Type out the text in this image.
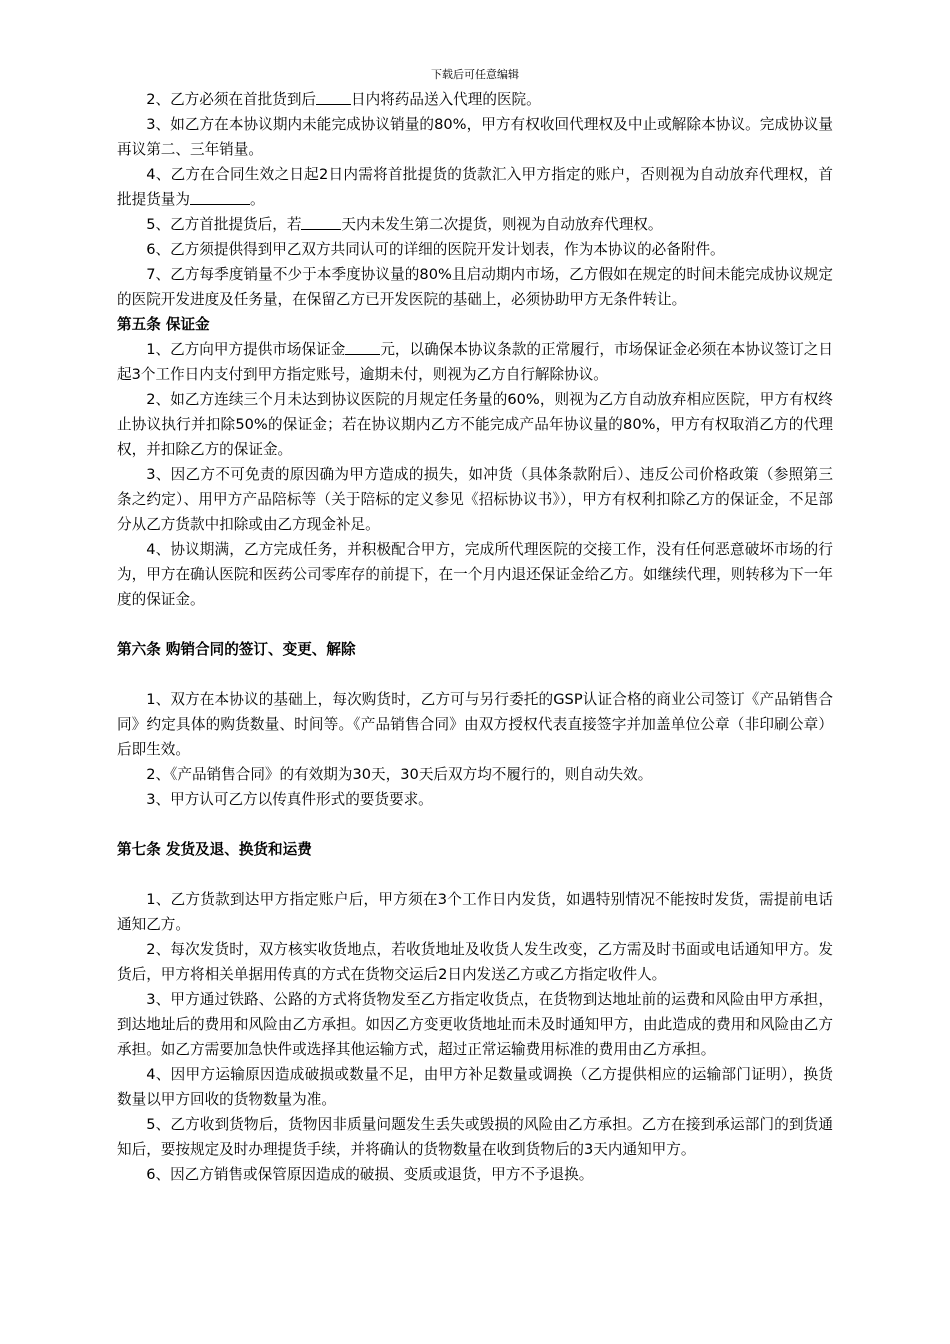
下载后可任意编辑

2、乙方必须在首批货到后 日内将药品送入代理的医院。

3、如乙方在本协议期内未能完成协议销量的80%，甲方有权收回代理权及中止或解除本协议。完成协议量再议第二、三年销量。

4、乙方在合同生效之日起2日内需将首批提货的货款汇入甲方指定的账户，否则视为自动放弃代理权，首批提货量为	。

5、乙方首批提货后，若	天内未发生第二次提货，则视为自动放弃代理权。

6、乙方须提供得到甲乙双方共同认可的详细的医院开发计划表，作为本协议的必备附件。

7、乙方每季度销量不少于本季度协议量的80%且启动期内市场，乙方假如在规定的时间未能完成协议规定的医院开发进度及任务量，在保留乙方已开发医院的基础上，必须协助甲方无条件转让。

第五条 保证金

1、乙方向甲方提供市场保证金 元，以确保本协议条款的正常履行，市场保证金必须在本协议签订之日起3个工作日内支付到甲方指定账号，逾期未付，则视为乙方自行解除协议。

2、如乙方连续三个月未达到协议医院的月规定任务量的60%，则视为乙方自动放弃相应医院，甲方有权终止协议执行并扣除50%的保证金；若在协议期内乙方不能完成产品年协议量的80%，甲方有权取消乙方的代理权，并扣除乙方的保证金。

3、因乙方不可免责的原因确为甲方造成的损失，如冲货（具体条款附后）、违反公司价格政策（参照第三条之约定）、用甲方产品陪标等（关于陪标的定义参见《招标协议书》），甲方有权利扣除乙方的保证金，不足部分从乙方货款中扣除或由乙方现金补足。

4、协议期满，乙方完成任务，并积极配合甲方，完成所代理医院的交接工作，没有任何恶意破坏市场的行为，甲方在确认医院和医药公司零库存的前提下，在一个月内退还保证金给乙方。如继续代理，则转移为下一年度的保证金。

第六条 购销合同的签订、变更、解除

1、双方在本协议的基础上，每次购货时，乙方可与另行委托的GSP认证合格的商业公司签订《产品销售合同》约定具体的购货数量、时间等。《产品销售合同》由双方授权代表直接签字并加盖单位公章（非印刷公章）后即生效。

2、《产品销售合同》的有效期为30天，30天后双方均不履行的，则自动失效。

3、甲方认可乙方以传真件形式的要货要求。

第七条 发货及退、换货和运费

1、乙方货款到达甲方指定账户后，甲方须在3个工作日内发货，如遇特别情况不能按时发货，需提前电话通知乙方。

2、每次发货时，双方核实收货地点，若收货地址及收货人发生改变，乙方需及时书面或电话通知甲方。发货后，甲方将相关单据用传真的方式在货物交运后2日内发送乙方或乙方指定收件人。

3、甲方通过铁路、公路的方式将货物发至乙方指定收货点，在货物到达地址前的运费和风险由甲方承担，到达地址后的费用和风险由乙方承担。如因乙方变更收货地址而未及时通知甲方，由此造成的费用和风险由乙方承担。如乙方需要加急快件或选择其他运输方式，超过正常运输费用标准的费用由乙方承担。

4、因甲方运输原因造成破损或数量不足，由甲方补足数量或调换（乙方提供相应的运输部门证明），换货数量以甲方回收的货物数量为准。

5、乙方收到货物后，货物因非质量问题发生丢失或毁损的风险由乙方承担。乙方在接到承运部门的到货通知后，要按规定及时办理提货手续，并将确认的货物数量在收到货物后的3天内通知甲方。

6、因乙方销售或保管原因造成的破损、变质或退货，甲方不予退换。
